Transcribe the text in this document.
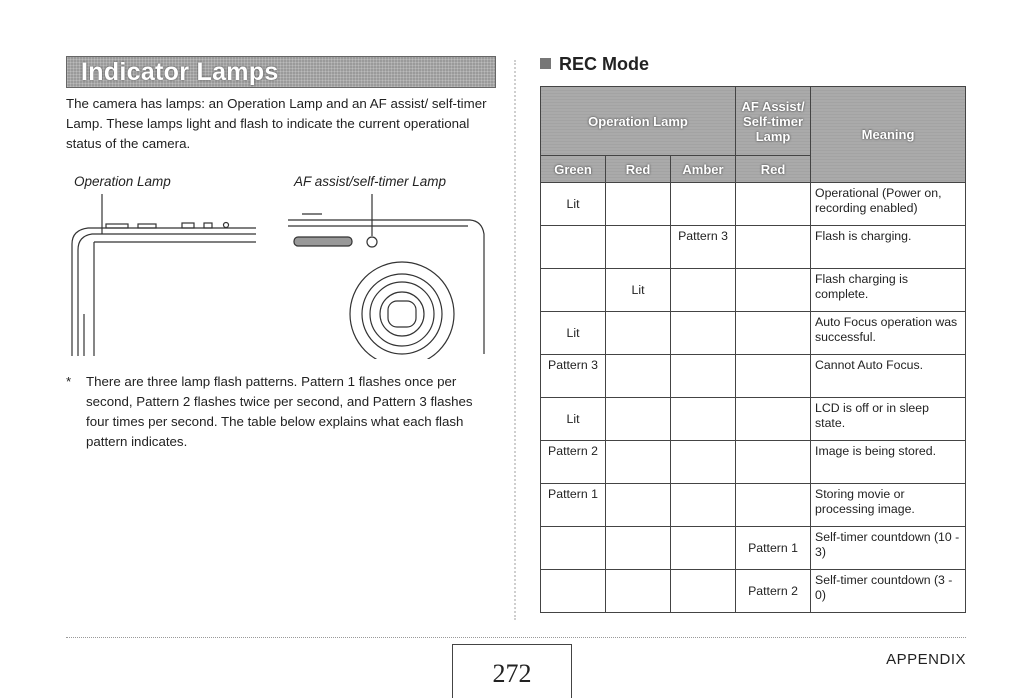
Indicator Lamps
The camera has lamps: an Operation Lamp and an AF assist/ self-timer Lamp. These lamps light and flash to indicate the current operational status of the camera.
Operation Lamp	AF assist/self-timer Lamp
* There are three lamp flash patterns. Pattern 1 flashes once per second, Pattern 2 flashes twice per second, and Pattern 3 flashes four times per second. The table below explains what each flash pattern indicates.
REC Mode
Operation Lamp			AF Assist/ Self-timer Lamp	Meaning
Green	Red	Amber	Red	
Lit				Operational (Power on, recording enabled)
		Pattern 3		Flash is charging.
	Lit			Flash charging is complete.
Lit				Auto Focus operation was successful.
Pattern 3				Cannot Auto Focus.
Lit				LCD is off or in sleep state.
Pattern 2				Image is being stored.
Pattern 1				Storing movie or processing image.
			Pattern 1	Self-timer countdown (10 - 3)
			Pattern 2	Self-timer countdown (3 - 0)
272	APPENDIX
